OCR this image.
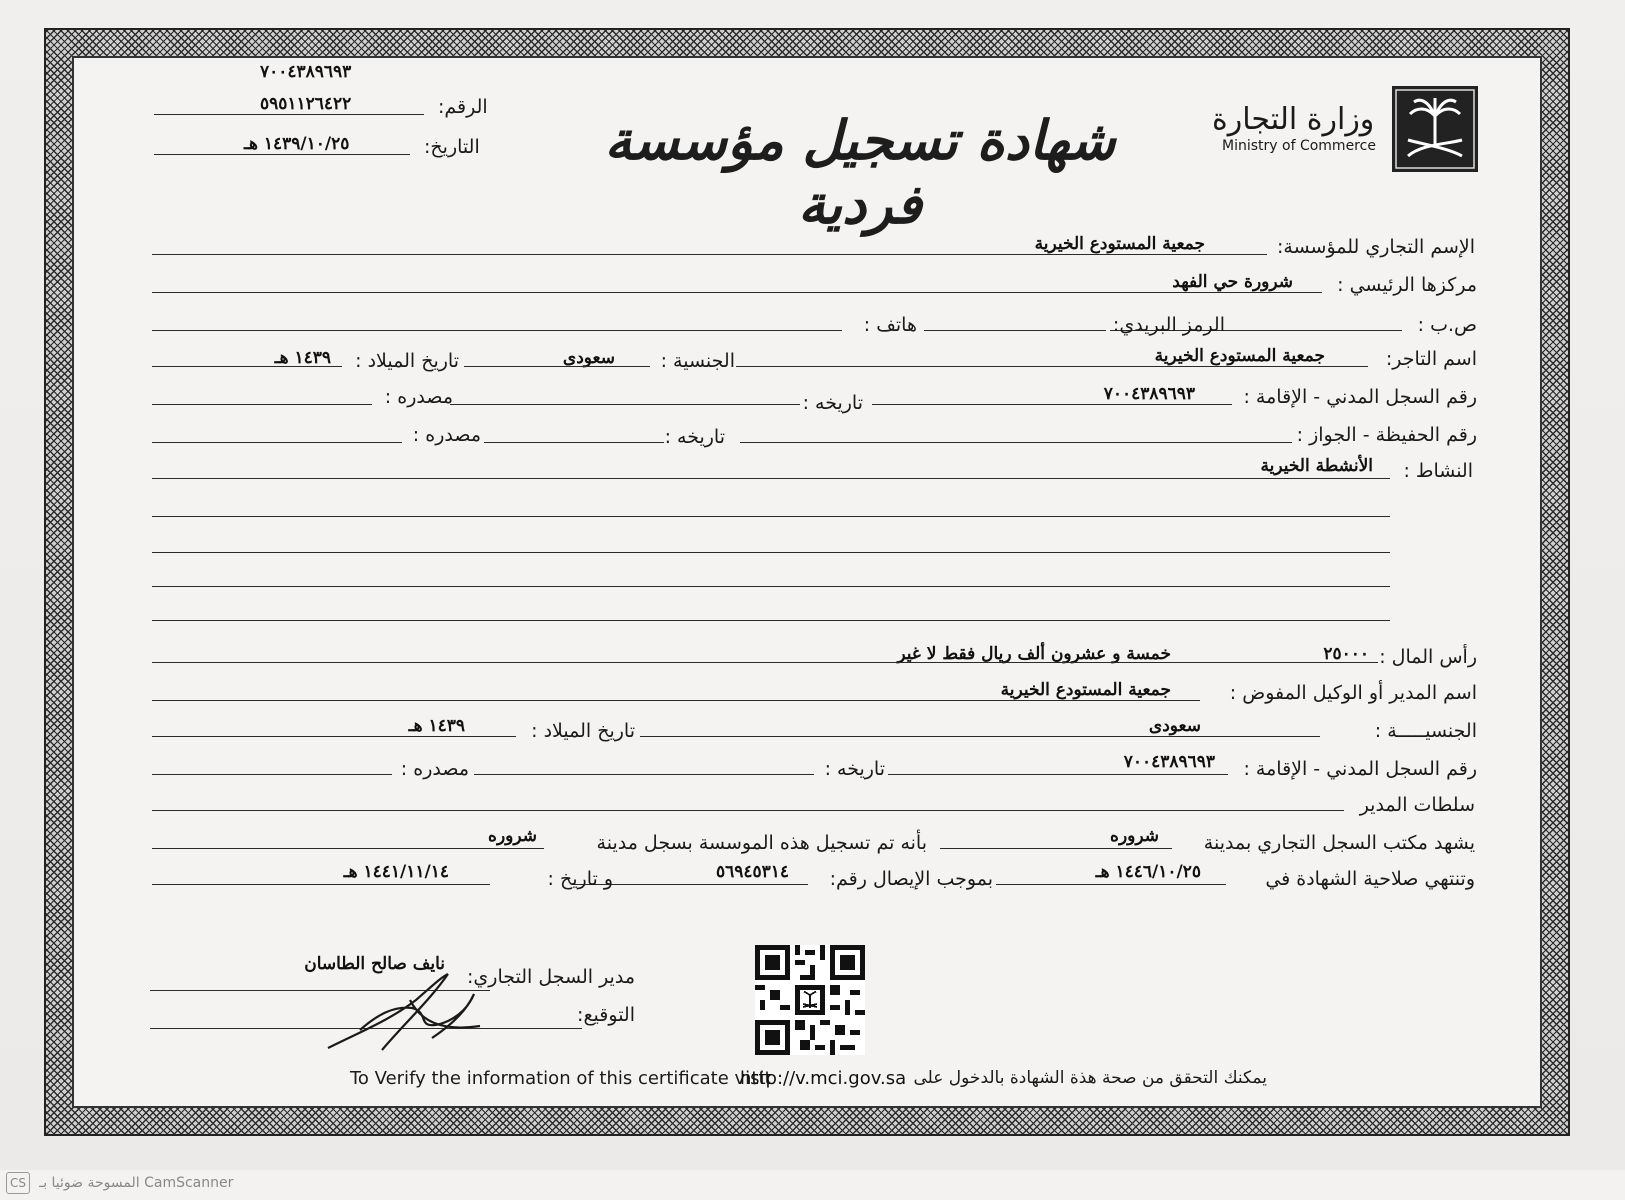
وزارة التجارة
Ministry of Commerce
شهادة تسجيل مؤسسة فردية
٧٠٠٤٣٨٩٦٩٣
الرقم:
٥٩٥١١٢٦٤٢٢
التاريخ:
١٤٣٩/١٠/٢٥ هـ
الإسم التجاري للمؤسسة:
جمعية المستودع الخيرية
مركزها الرئيسي :
شرورة حي الفهد
ص.ب :
الرمز البريدي:
هاتف :
اسم التاجر:
جمعية المستودع الخيرية
الجنسية :
سعودى
تاريخ الميلاد :
١٤٣٩ هـ
رقم السجل المدني - الإقامة :
٧٠٠٤٣٨٩٦٩٣
تاريخه :
مصدره :
رقم الحفيظة - الجواز :
تاريخه :
مصدره :
النشاط :
الأنشطة الخيرية
رأس المال :
٢٥٠٠٠
خمسة و عشرون ألف ريال فقط لا غير
اسم المدير أو الوكيل المفوض :
جمعية المستودع الخيرية
الجنسيـــــة :
سعودى
تاريخ الميلاد :
١٤٣٩ هـ
رقم السجل المدني - الإقامة :
٧٠٠٤٣٨٩٦٩٣
تاريخه :
مصدره :
سلطات المدير
يشهد مكتب السجل التجاري بمدينة
شروره
بأنه تم تسجيل هذه الموسسة بسجل مدينة
شروره
وتنتهي صلاحية الشهادة في
١٤٤٦/١٠/٢٥ هـ
بموجب الإيصال رقم:
٥٦٩٤٥٣١٤
و تاريخ :
١٤٤١/١١/١٤ هـ
مدير السجل التجاري:
نايف صالح الطاسان
التوقيع:
To Verify the information of this certificate visit
http://v.mci.gov.sa يمكنك التحقق من صحة هذة الشهادة بالدخول على
CS المسوحة ضوئيا بـ CamScanner
